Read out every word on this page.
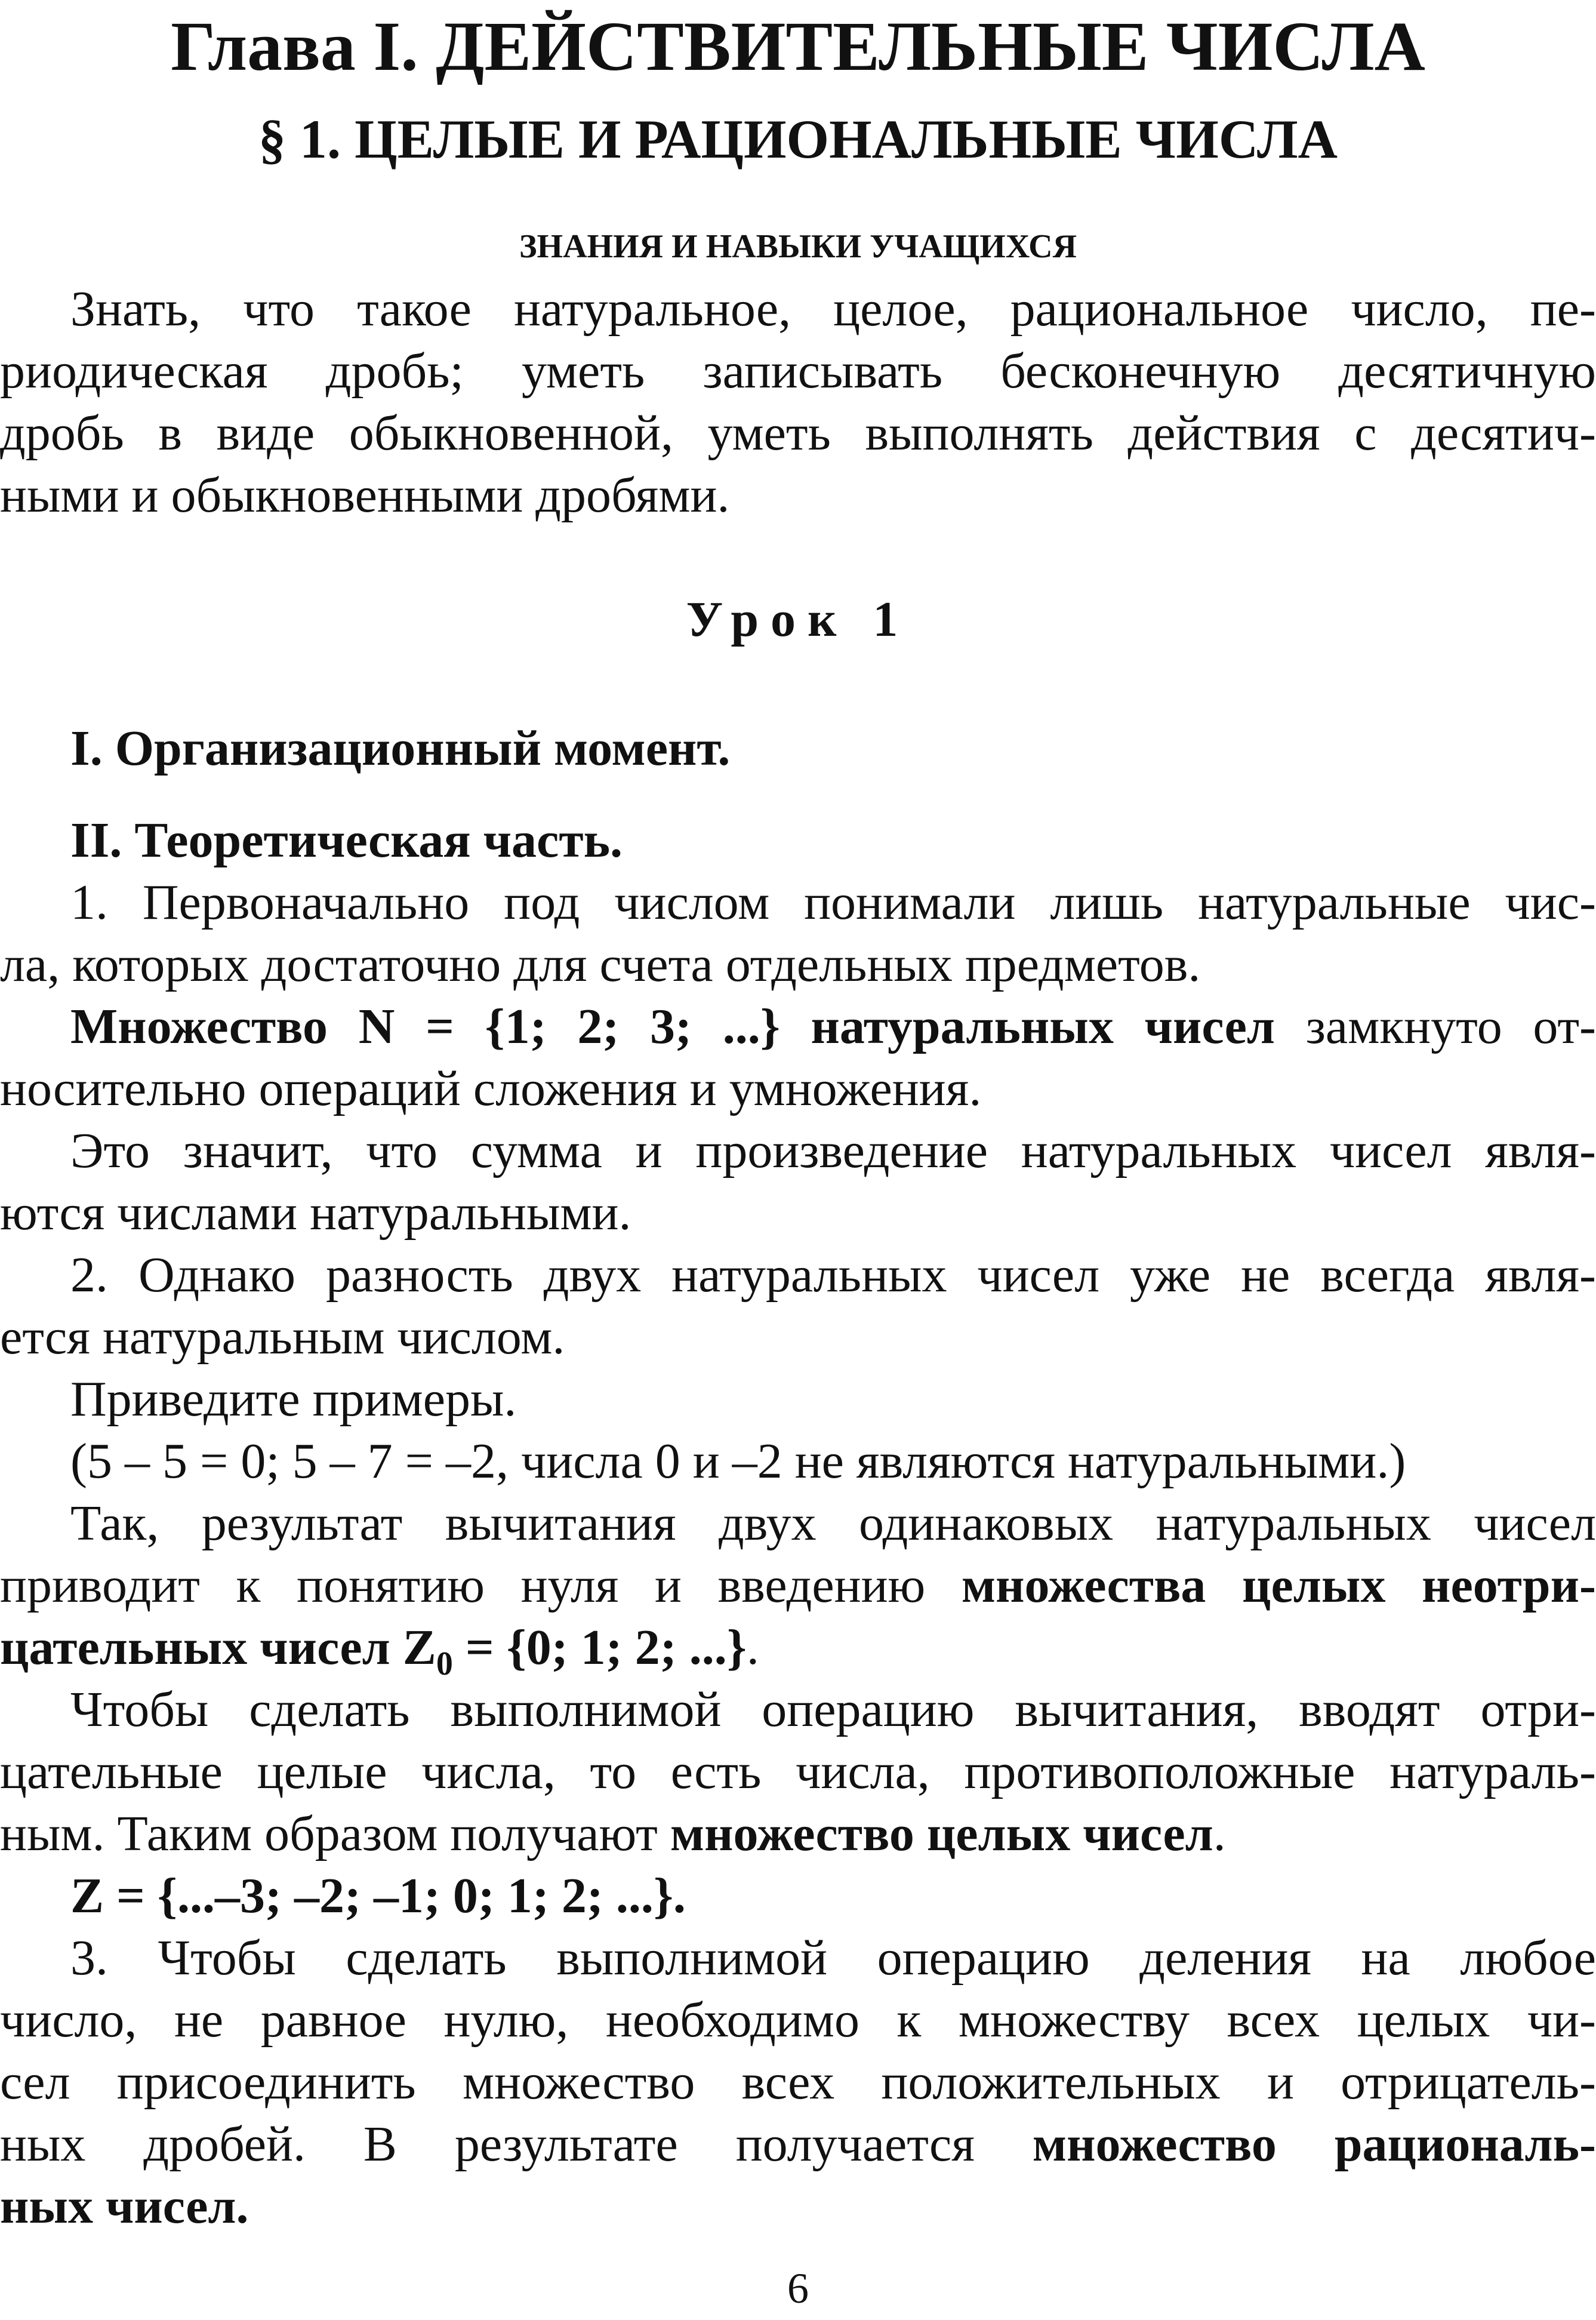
Глава I. ДЕЙСТВИТЕЛЬНЫЕ ЧИСЛА
§ 1. ЦЕЛЫЕ И РАЦИОНАЛЬНЫЕ ЧИСЛА
ЗНАНИЯ И НАВЫКИ УЧАЩИХСЯ
Знать, что такое натуральное, целое, рациональное число, пе-
риодическая дробь; уметь записывать бесконечную десятичную
дробь в виде обыкновенной, уметь выполнять действия с десятич-
ными и обыкновенными дробями.
Урок 1
I. Организационный момент.
II. Теоретическая часть.
1. Первоначально под числом понимали лишь натуральные чис-
ла, которых достаточно для счета отдельных предметов.
Множество N = {1; 2; 3; ...} натуральных чисел замкнуто от-
носительно операций сложения и умножения.
Это значит, что сумма и произведение натуральных чисел явля-
ются числами натуральными.
2. Однако разность двух натуральных чисел уже не всегда явля-
ется натуральным числом.
Приведите примеры.
(5 – 5 = 0; 5 – 7 = –2, числа 0 и –2 не являются натуральными.)
Так, результат вычитания двух одинаковых натуральных чисел
приводит к понятию нуля и введению множества целых неотри-
цательных чисел $Z_0 = \{0$; 1; 2; ...}.
Чтобы сделать выполнимой операцию вычитания, вводят отри-
цательные целые числа, то есть числа, противоположные натураль-
ным. Таким образом получают множество целых чисел.
Z = {...–3; –2; –1; 0; 1; 2; ...}.
3. Чтобы сделать выполнимой операцию деления на любое
число, не равное нулю, необходимо к множеству всех целых чи-
сел присоединить множество всех положительных и отрицатель-
ных дробей. В результате получается множество рациональ-
ных чисел.
6
